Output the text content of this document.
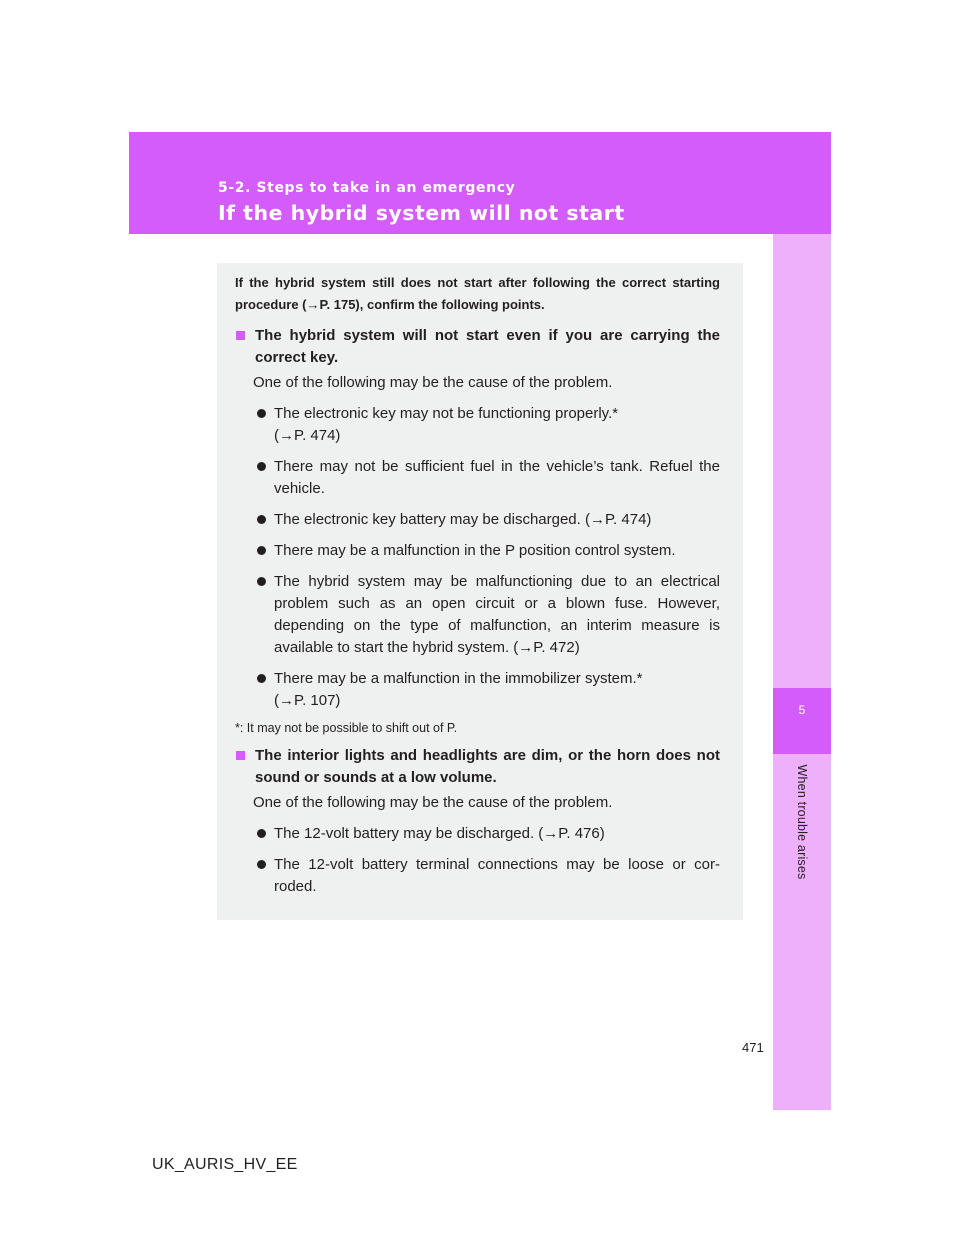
5-2. Steps to take in an emergency
If the hybrid system will not start
5
When trouble arises

If the hybrid system still does not start after following the correct starting procedure (→P. 175), confirm the following points.

The hybrid system will not start even if you are carrying the correct key.
One of the following may be the cause of the problem.
The electronic key may not be functioning properly.*
(→P. 474)
There may not be sufficient fuel in the vehicle’s tank. Refuel the vehicle.
The electronic key battery may be discharged. (→P. 474)
There may be a malfunction in the P position control system.
The hybrid system may be malfunctioning due to an electrical problem such as an open circuit or a blown fuse. However, depending on the type of malfunction, an interim measure is available to start the hybrid system. (→P. 472)
There may be a malfunction in the immobilizer system.*
(→P. 107)
*: It may not be possible to shift out of P.
The interior lights and headlights are dim, or the horn does not sound or sounds at a low volume.
One of the following may be the cause of the problem.
The 12-volt battery may be discharged. (→P. 476)
The 12-volt battery terminal connections may be loose or cor-roded.
471
UK_AURIS_HV_EE
